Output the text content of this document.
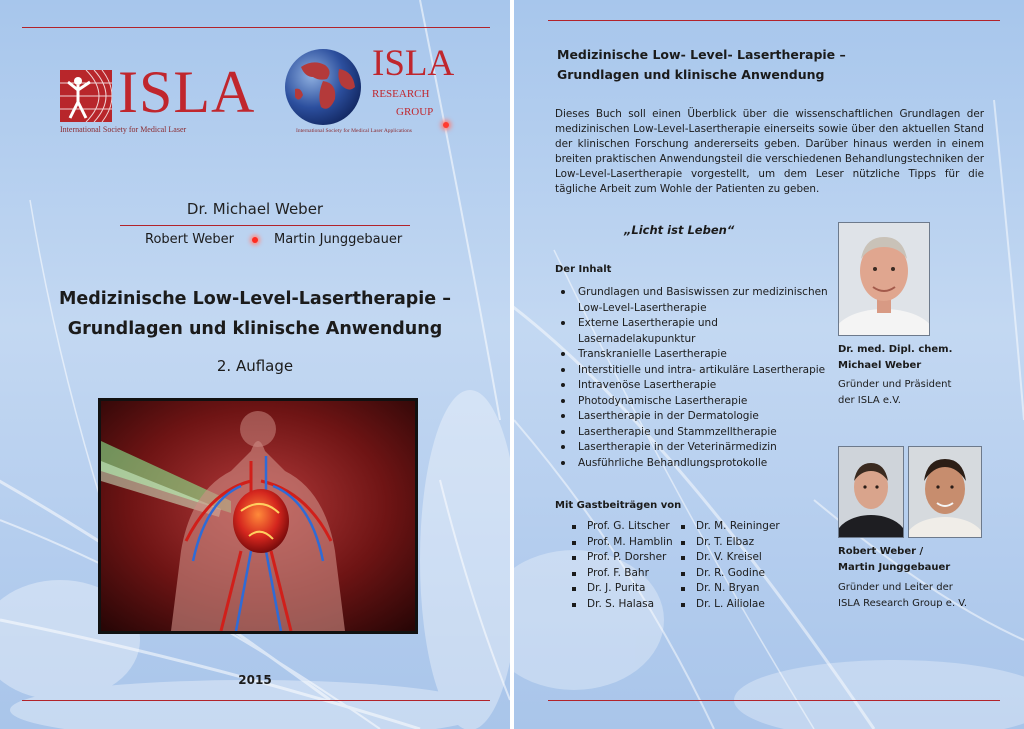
ISLA
International Society for Medical Laser
ISLA
research
group
International Society for Medical Laser Applications
Dr. Michael Weber
Robert Weber	Martin Junggebauer
Medizinische Low-Level-Lasertherapie –
Grundlagen und klinische Anwendung
2. Auflage
2015
Medizinische Low- Level- Lasertherapie –
Grundlagen und klinische Anwendung
Dieses Buch soll einen Überblick über die wissenschaftlichen Grundlagen der medizinischen Low-Level-Lasertherapie einerseits sowie über den aktuellen Stand der klinischen Forschung andererseits geben. Darüber hinaus werden in einem breiten praktischen Anwendungsteil die verschiedenen Behandlungstechniken der Low-Level-Lasertherapie vorgestellt, um dem Leser nützliche Tipps für die tägliche Arbeit zum Wohle der Patienten zu geben.
„Licht ist Leben“
Der Inhalt
Grundlagen und Basiswissen zur medizinischen
Low-Level-Lasertherapie
Externe Lasertherapie und
Lasernadelakupunktur
Transkranielle Lasertherapie
Interstitielle und intra- artikuläre Lasertherapie
Intravenöse Lasertherapie
Photodynamische Lasertherapie
Lasertherapie in der Dermatologie
Lasertherapie und Stammzelltherapie
Lasertherapie in der Veterinärmedizin
Ausführliche Behandlungsprotokolle
Mit Gastbeiträgen von
Prof. G. Litscher
Prof. M. Hamblin
Prof. P. Dorsher
Prof. F. Bahr
Dr. J. Purita
Dr. S. Halasa
Dr. M. Reininger
Dr. T. Elbaz
Dr. V. Kreisel
Dr. R. Godine
Dr. N. Bryan
Dr. L. Ailiolae
Dr. med. Dipl. chem.
Michael Weber
Gründer und Präsident
der ISLA e.V.
Robert Weber /
Martin Junggebauer
Gründer und Leiter der
ISLA Research Group e. V.
